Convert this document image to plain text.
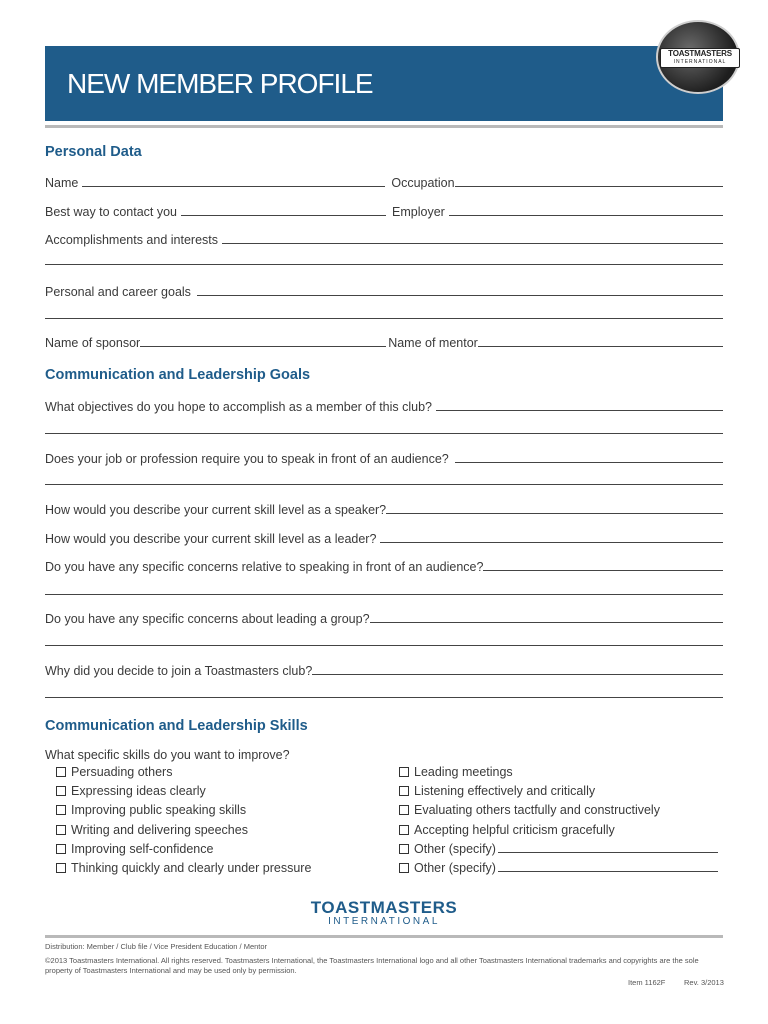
NEW MEMBER PROFILE
TOASTMASTERS
INTERNATIONAL
Personal Data
Name	Occupation
Best way to contact you	Employer
Accomplishments and interests
Personal and career goals
Name of sponsor	Name of mentor
Communication and Leadership Goals
What objectives do you hope to accomplish as a member of this club?
Does your job or profession require you to speak in front of an audience?
How would you describe your current skill level as a speaker?
How would you describe your current skill level as a leader?
Do you have any specific concerns relative to speaking in front of an audience?
Do you have any specific concerns about leading a group?
Why did you decide to join a Toastmasters club?
Communication and Leadership Skills
What specific skills do you want to improve?
Persuading others
Expressing ideas clearly
Improving public speaking skills
Writing and delivering speeches
Improving self-confidence
Thinking quickly and clearly under pressure
Leading meetings
Listening effectively and critically
Evaluating others tactfully and constructively
Accepting helpful criticism gracefully
Other (specify)
Other (specify)
TOASTMASTERS
INTERNATIONAL
Distribution: Member / Club file / Vice President Education / Mentor
©2013 Toastmasters International. All rights reserved. Toastmasters International, the Toastmasters International logo and all other Toastmasters International trademarks and copyrights are the sole property of Toastmasters International and may be used only by permission.
Item 1162F Rev. 3/2013
